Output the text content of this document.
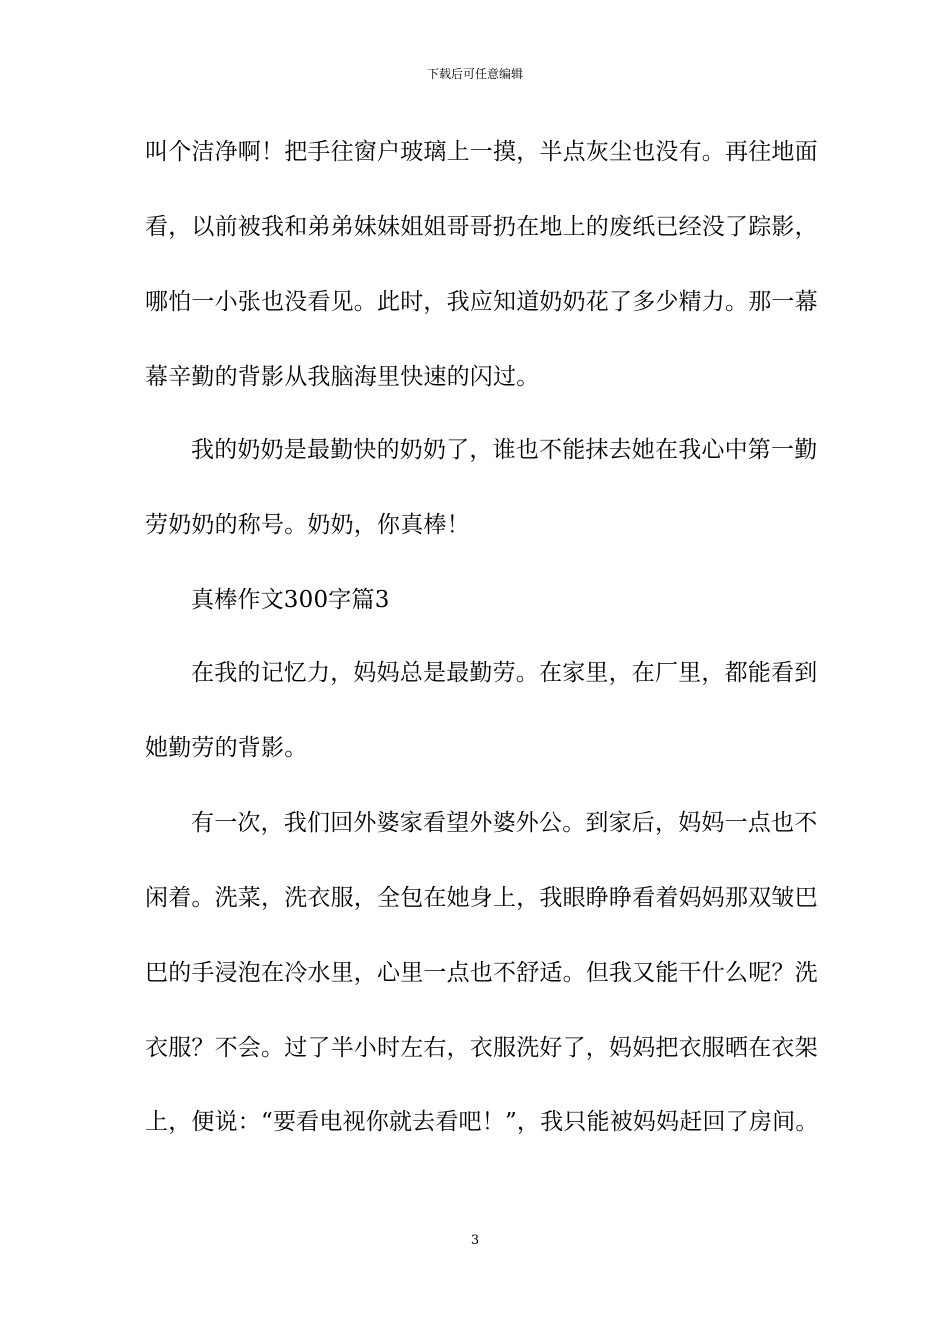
下载后可任意编辑
叫个洁净啊！把手往窗户玻璃上一摸，半点灰尘也没有。再往地面
看，以前被我和弟弟妹妹姐姐哥哥扔在地上的废纸已经没了踪影，
哪怕一小张也没看见。此时，我应知道奶奶花了多少精力。那一幕
幕辛勤的背影从我脑海里快速的闪过。
我的奶奶是最勤快的奶奶了，谁也不能抹去她在我心中第一勤
劳奶奶的称号。奶奶，你真棒！
真棒作文300字篇3
在我的记忆力，妈妈总是最勤劳。在家里，在厂里，都能看到
她勤劳的背影。
有一次，我们回外婆家看望外婆外公。到家后，妈妈一点也不
闲着。洗菜，洗衣服，全包在她身上，我眼睁睁看着妈妈那双皱巴
巴的手浸泡在冷水里，心里一点也不舒适。但我又能干什么呢？洗
衣服？不会。过了半小时左右，衣服洗好了，妈妈把衣服晒在衣架
上，便说：“要看电视你就去看吧！”，我只能被妈妈赶回了房间。
3
